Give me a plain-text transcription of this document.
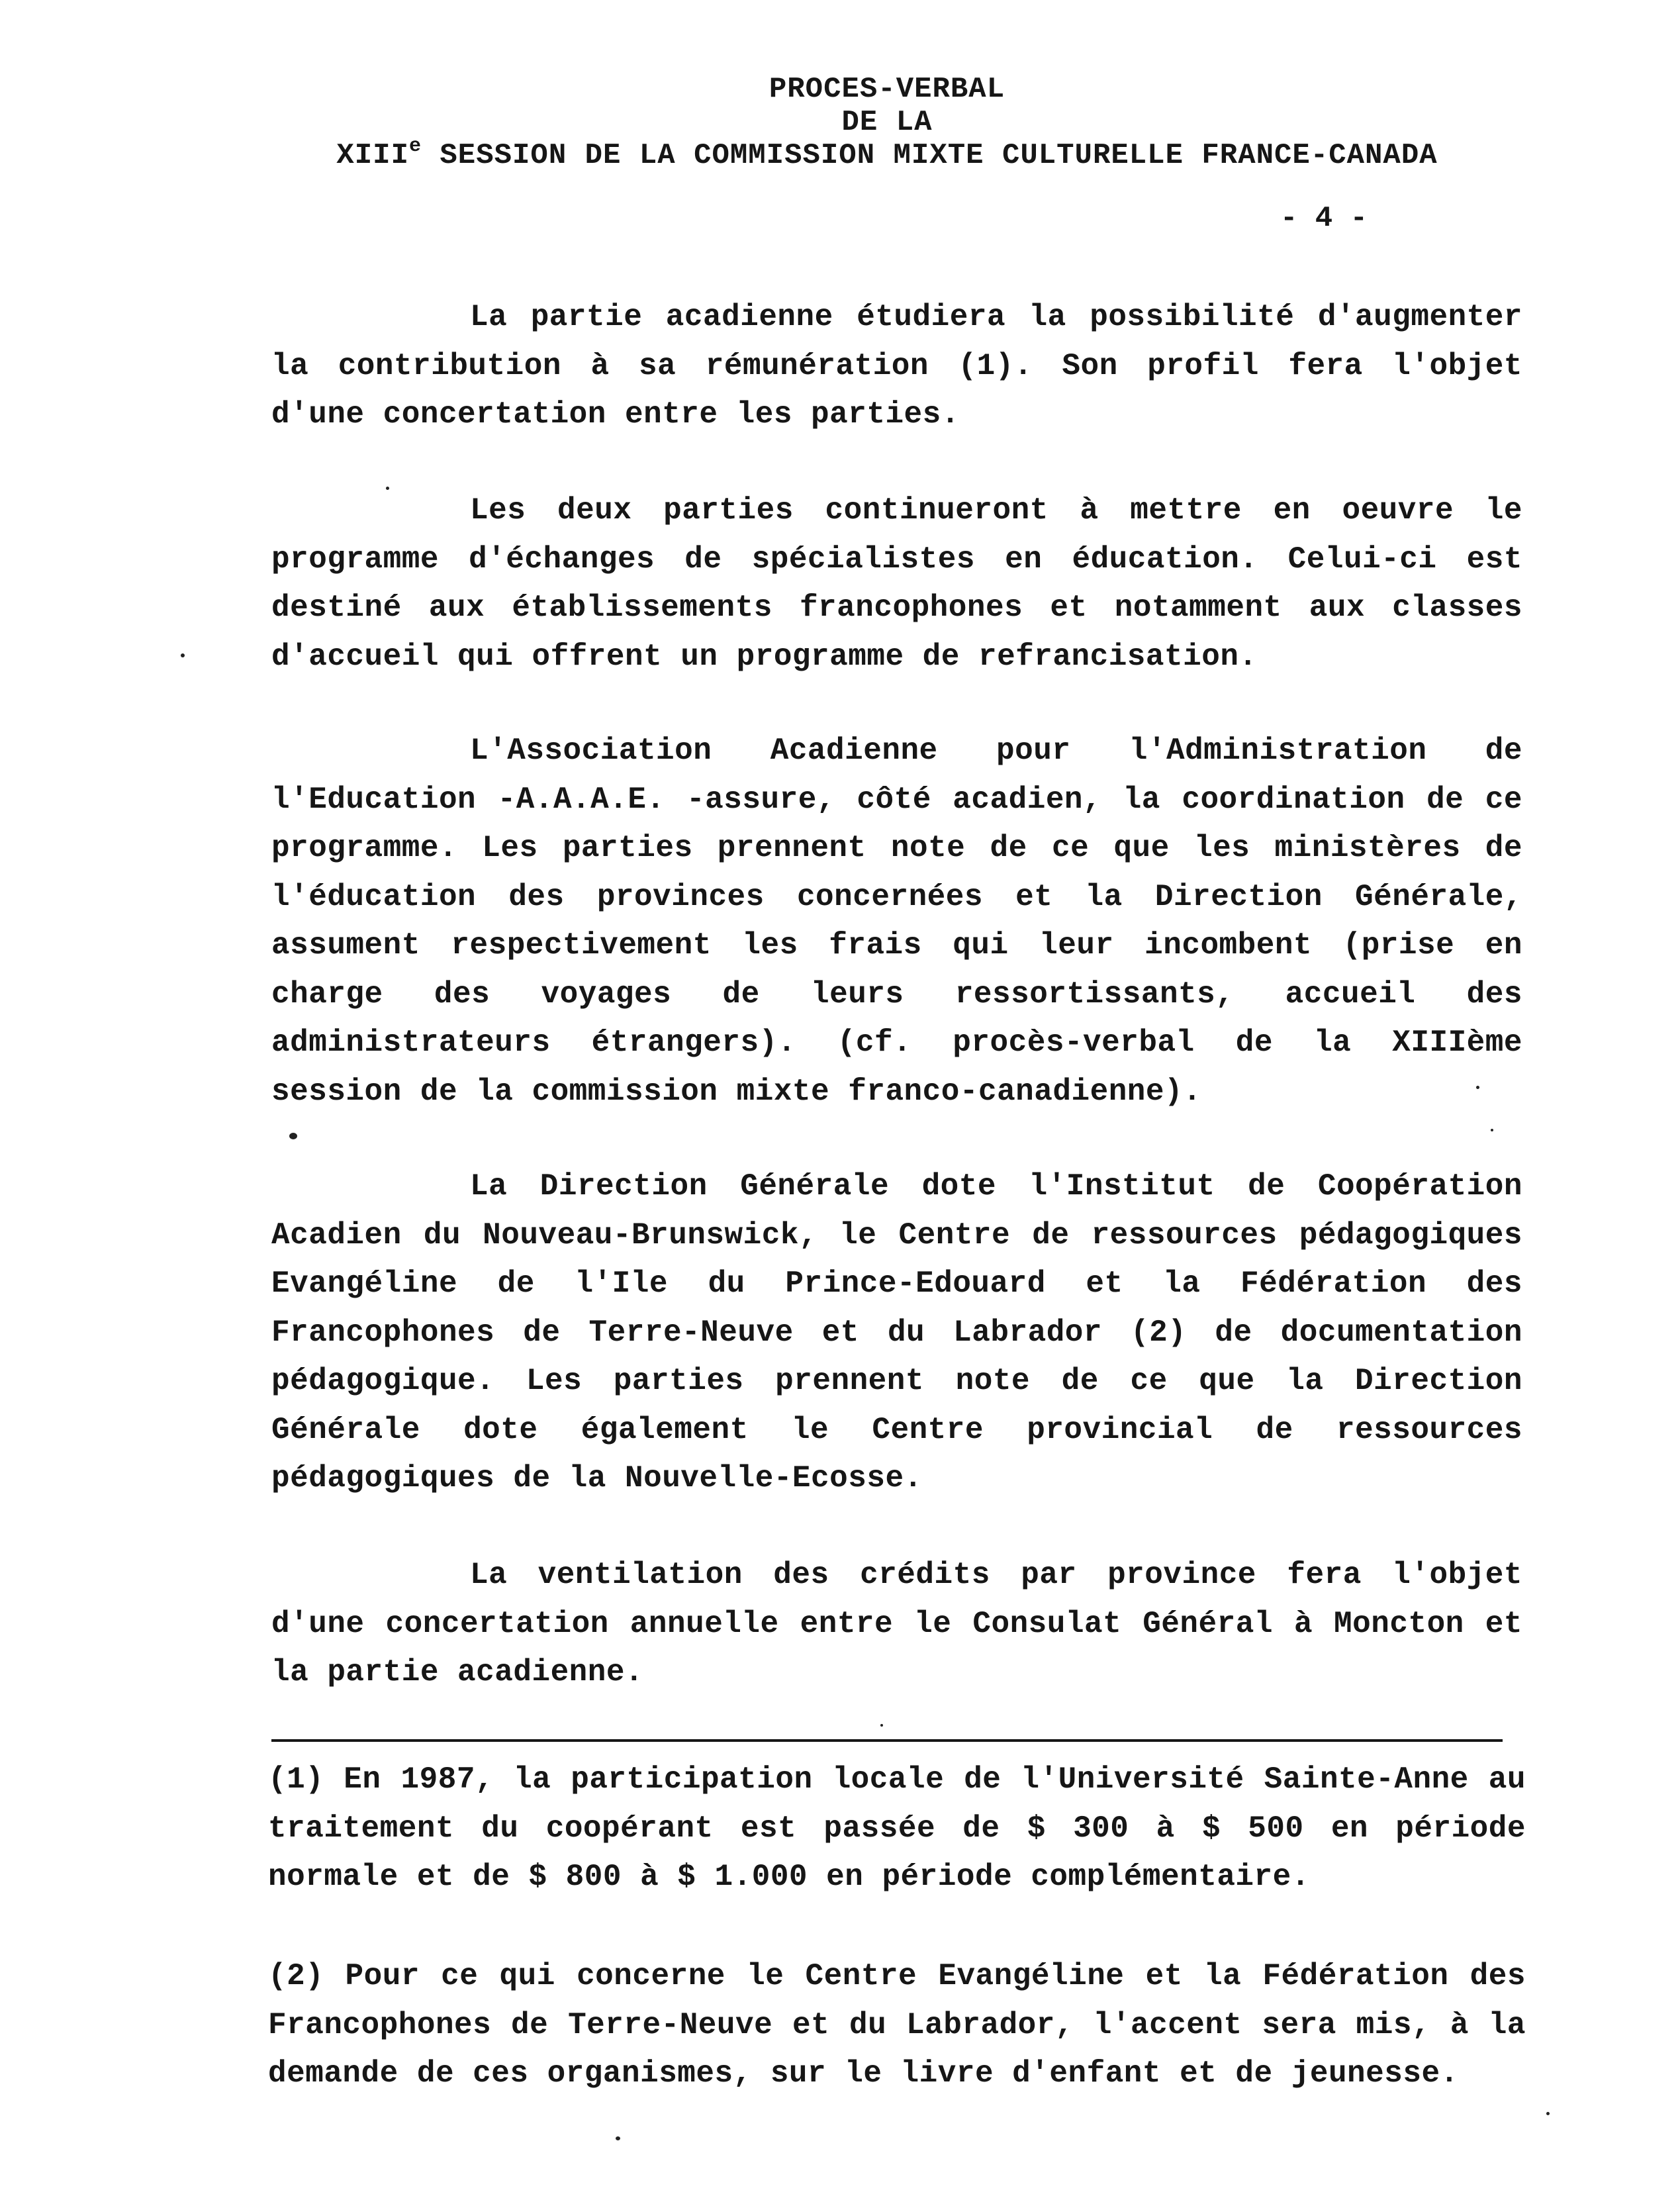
PROCES-VERBAL
DE LA
XIIIe SESSION DE LA COMMISSION MIXTE CULTURELLE FRANCE-CANADA
- 4 -

La partie acadienne étudiera la possibilité d'augmenter la contribution à sa rémunération (1). Son profil fera l'objet d'une concertation entre les parties.

Les deux parties continueront à mettre en oeuvre le programme d'échanges de spécialistes en éducation. Celui-ci est destiné aux établissements francophones et notamment aux classes d'accueil qui offrent un programme de refrancisation.

L'Association Acadienne pour l'Administration de l'Education -A.A.A.E. -assure, côté acadien, la coordination de ce programme. Les parties prennent note de ce que les ministères de l'éducation des provinces concernées et la Direction Générale, assument respectivement les frais qui leur incombent (prise en charge des voyages de leurs ressortissants, accueil des administrateurs étrangers). (cf. procès-verbal de la XIIIème session de la commission mixte franco-canadienne).

La Direction Générale dote l'Institut de Coopération Acadien du Nouveau-Brunswick, le Centre de ressources pédagogiques Evangéline de l'Ile du Prince-Edouard et la Fédération des Francophones de Terre-Neuve et du Labrador (2) de documentation pédagogique. Les parties prennent note de ce que la Direction Générale dote également le Centre provincial de ressources pédagogiques de la Nouvelle-Ecosse.

La ventilation des crédits par province fera l'objet d'une concertation annuelle entre le Consulat Général à Moncton et la partie acadienne.

(1) En 1987, la participation locale de l'Université Sainte-Anne au traitement du coopérant est passée de $ 300 à $ 500 en période normale et de $ 800 à $ 1.000 en période complémentaire.

(2) Pour ce qui concerne le Centre Evangéline et la Fédération des Francophones de Terre-Neuve et du Labrador, l'accent sera mis, à la demande de ces organismes, sur le livre d'enfant et de jeunesse.
